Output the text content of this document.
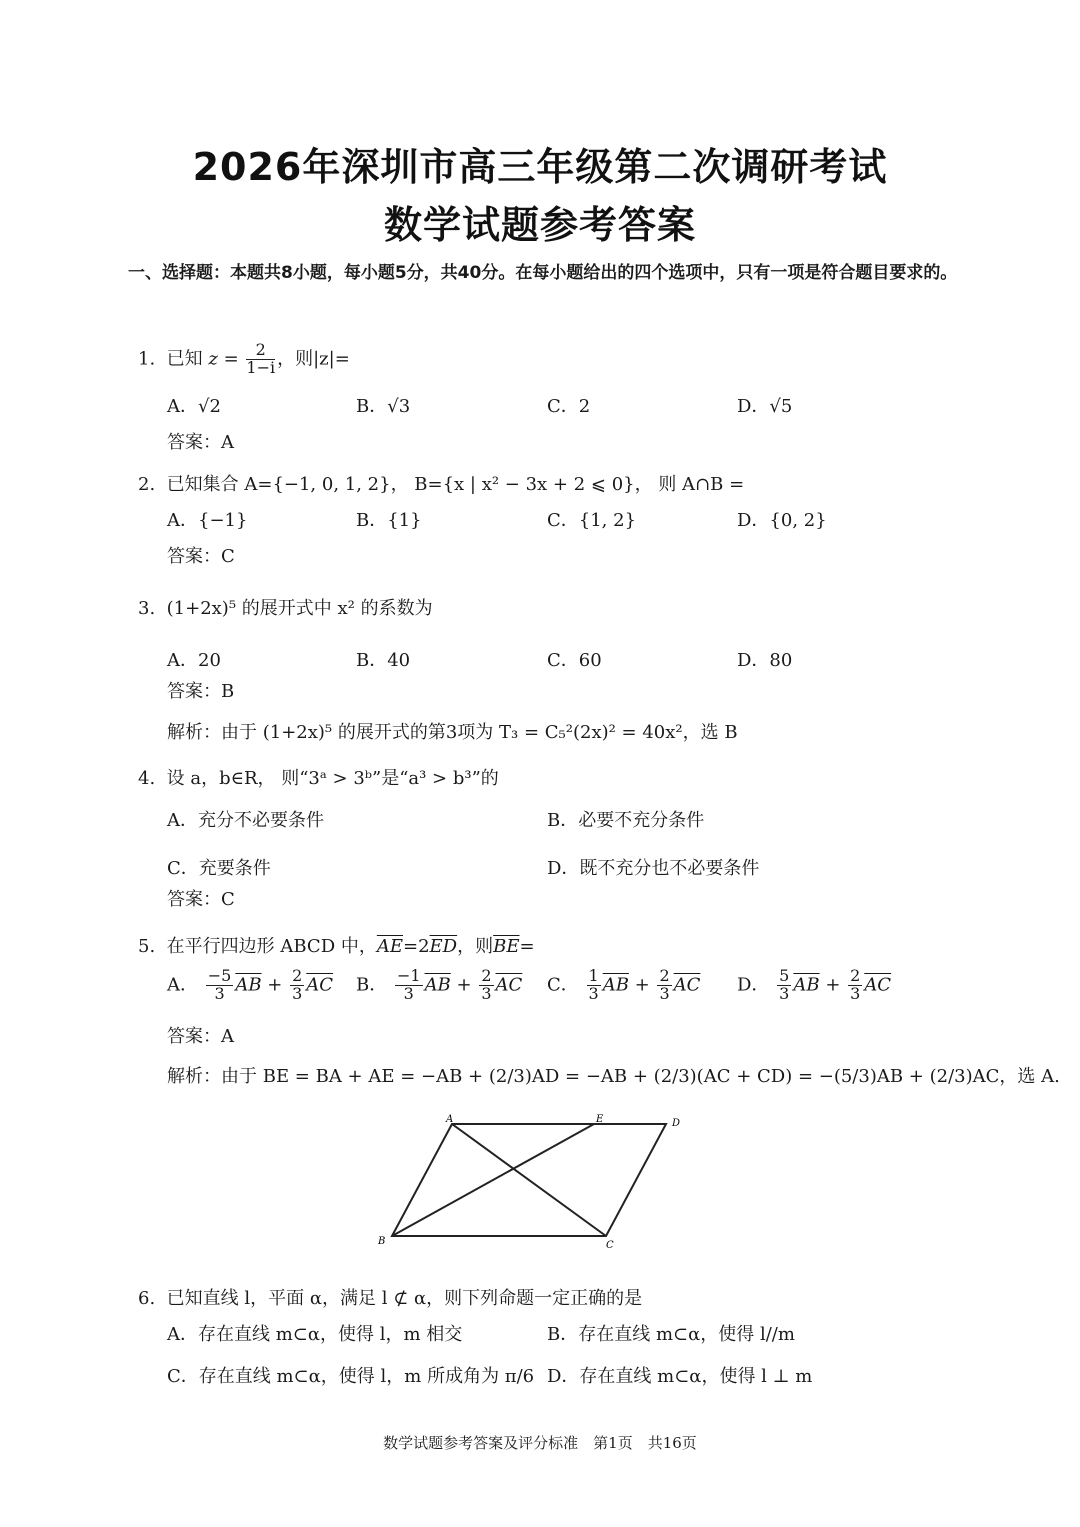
2026年深圳市高三年级第二次调研考试
数学试题参考答案
一、选择题：本题共8小题，每小题5分，共40分。在每小题给出的四个选项中，只有一项是符合题目要求的。
1. 已知 $z = \frac{2}{1-i}$ ，则|z|=
A．√2	B．√3	C．2	D．√5
答案：A
2. 已知集合 A={−1, 0, 1, 2}， B={x | x² − 3x + 2 ⩽ 0}， 则 A∩B =
A．{−1}	B．{1}	C．{1, 2}	D．{0, 2}
答案：C
3. (1+2x)⁵ 的展开式中 x² 的系数为
A．20	B．40	C．60	D．80
答案：B
解析：由于 (1+2x)⁵ 的展开式的第3项为 T₃ = C₅²(2x)² = 40x²，选 B
4. 设 a，b∈R， 则“3ᵃ > 3ᵇ”是“a³ > b³”的
A．充分不必要条件	B．必要不充分条件
C．充要条件	D．既不充分也不必要条件
答案：C
5. 在平行四边形 ABCD 中，$\overline{AE}=2\overline{ED}$，则$\overline{BE}=$
A． $\frac{-5}{3} \overline{AB} + \frac{2}{3} \overline{AC}$ B． $\frac{-1}{3} \overline{AB} + \frac{2}{3} \overline{AC}$ C． $\frac{1}{3} \overline{AB} + \frac{2}{3} \overline{AC}$ D． $\frac{5}{3} \overline{AB} + \frac{2}{3} \overline{AC}$
答案：A
解析：由于 BE = BA + AE = −AB + (2/3)AD = −AB + (2/3)(AC + CD) = −(5/3)AB + (2/3)AC，选 A.
A	E	D
B	C
6. 已知直线 l，平面 α，满足 l ⊄ α，则下列命题一定正确的是
A．存在直线 m⊂α，使得 l，m 相交	B．存在直线 m⊂α，使得 l//m
C．存在直线 m⊂α，使得 l，m 所成角为 π/6 D．存在直线 m⊂α，使得 l ⊥ m
数学试题参考答案及评分标准　第1页　共16页
